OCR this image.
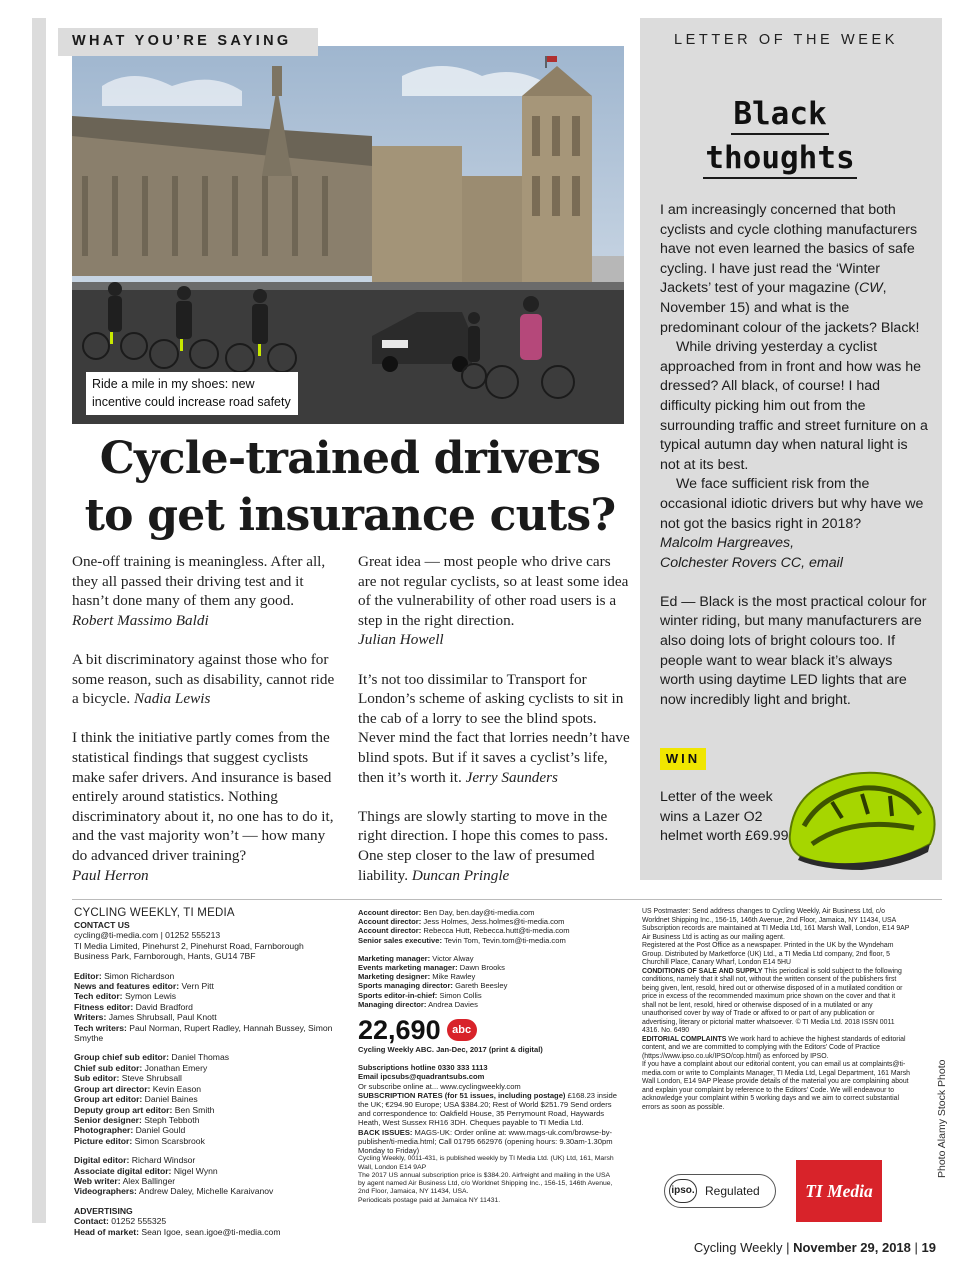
WHAT YOU’RE SAYING
Ride a mile in my shoes: new incentive could increase road safety
Cycle-trained drivers to get insurance cuts?

One-off training is meaningless. After all, they all passed their driving test and it hasn’t done many of them any good.
Robert Massimo Baldi

A bit discriminatory against those who for some reason, such as disability, cannot ride a bicycle. Nadia Lewis

I think the initiative partly comes from the statistical findings that suggest cyclists make safer drivers. And insurance is based entirely around statistics. Nothing discriminatory about it, no one has to do it, and the vast majority won’t — how many do advanced driver training?
Paul Herron

Great idea — most people who drive cars are not regular cyclists, so at least some idea of the vulnerability of other road users is a step in the right direction.
Julian Howell

It’s not too dissimilar to Transport for London’s scheme of asking cyclists to sit in the cab of a lorry to see the blind spots. Never mind the fact that lorries needn’t have blind spots. But if it saves a cyclist’s life, then it’s worth it. Jerry Saunders

Things are slowly starting to move in the right direction. I hope this comes to pass. One step closer to the law of presumed liability. Duncan Pringle

LETTER OF THE WEEK
Black
thoughts

I am increasingly concerned that both cyclists and cycle clothing manufacturers have not even learned the basics of safe cycling. I have just read the ‘Winter Jackets’ test of your magazine (CW, November 15) and what is the predominant colour of the jackets? Black!

While driving yesterday a cyclist approached from in front and how was he dressed? All black, of course! I had difficulty picking him out from the surrounding traffic and street furniture on a typical autumn day when natural light is not at its best.

We face sufficient risk from the occasional idiotic drivers but why have we not got the basics right in 2018?

Malcolm Hargreaves,

Colchester Rovers CC, email

Ed — Black is the most practical colour for winter riding, but many manufacturers are also doing lots of bright colours too. If people want to wear black it’s always worth using daytime LED lights that are now incredibly light and bright.

WIN
Letter of the week wins a Lazer O2 helmet worth £69.99
CYCLING WEEKLY, TI MEDIA
CONTACT US
cycling@ti-media.com | 01252 555213
TI Media Limited, Pinehurst 2, Pinehurst Road, Farnborough Business Park, Farnborough, Hants, GU14 7BF
Editor: Simon Richardson
News and features editor: Vern Pitt
Tech editor: Symon Lewis
Fitness editor: David Bradford
Writers: James Shrubsall, Paul Knott
Tech writers: Paul Norman, Rupert Radley, Hannah Bussey, Simon Smythe
Group chief sub editor: Daniel Thomas
Chief sub editor: Jonathan Emery
Sub editor: Steve Shrubsall
Group art director: Kevin Eason
Group art editor: Daniel Baines
Deputy group art editor: Ben Smith
Senior designer: Steph Tebboth
Photographer: Daniel Gould
Picture editor: Simon Scarsbrook
Digital editor: Richard Windsor
Associate digital editor: Nigel Wynn
Web writer: Alex Ballinger
Videographers: Andrew Daley, Michelle Karaivanov
ADVERTISING
Contact: 01252 555325
Head of market: Sean Igoe, sean.igoe@ti-media.com
Account director: Ben Day, ben.day@ti-media.com
Account director: Jess Holmes, Jess.holmes@ti-media.com
Account director: Rebecca Hutt, Rebecca.hutt@ti-media.com
Senior sales executive: Tevin Tom, Tevin.tom@ti-media.com
Marketing manager: Victor Alway
Events marketing manager: Dawn Brooks
Marketing designer: Mike Rawley
Sports managing director: Gareth Beesley
Sports editor-in-chief: Simon Collis
Managing director: Andrea Davies
22,690	abc
Cycling Weekly ABC. Jan-Dec, 2017 (print & digital)
Subscriptions hotline 0330 333 1113
Email ipcsubs@quadrantsubs.com
Or subscribe online at... www.cyclingweekly.com
SUBSCRIPTION RATES (for 51 issues, including postage) £168.23 inside the UK; €294.90 Europe; USA $384.20; Rest of World $251.79 Send orders and correspondence to: Oakfield House, 35 Perrymount Road, Haywards Heath, West Sussex RH16 3DH. Cheques payable to TI Media Ltd.
BACK ISSUES: MAGS-UK: Order online at: www.mags-uk.com/browse-by-publisher/ti-media.html; Call 01795 662976 (opening hours: 9.30am-1.30pm Monday to Friday)
Cycling Weekly, 0011-431, is published weekly by TI Media Ltd. (UK) Ltd, 161, Marsh Wall, London E14 9AP
The 2017 US annual subscription price is $384.20. Airfreight and mailing in the USA by agent named Air Business Ltd, c/o Worldnet Shipping Inc., 156-15, 146th Avenue, 2nd Floor, Jamaica, NY 11434, USA.
Periodicals postage paid at Jamaica NY 11431.
US Postmaster: Send address changes to Cycling Weekly, Air Business Ltd, c/o Worldnet Shipping Inc., 156-15, 146th Avenue, 2nd Floor, Jamaica, NY 11434, USA
Subscription records are maintained at TI Media Ltd, 161 Marsh Wall, London, E14 9AP Air Business Ltd is acting as our mailing agent.
Registered at the Post Office as a newspaper. Printed in the UK by the Wyndeham Group. Distributed by Marketforce (UK) Ltd., a TI Media Ltd company, 2nd floor, 5 Churchill Place, Canary Wharf, London E14 5HU
CONDITIONS OF SALE AND SUPPLY This periodical is sold subject to the following conditions, namely that it shall not, without the written consent of the publishers first being given, lent, resold, hired out or otherwise disposed of in a mutilated condition or price in excess of the recommended maximum price shown on the cover and that it shall not be lent, resold, hired or otherwise disposed of in a mutilated or any unauthorised cover by way of Trade or affixed to or part of any publication or advertising, literary or pictorial matter whatsoever. © TI Media Ltd. 2018 ISSN 0011 4316. No. 6490
EDITORIAL COMPLAINTS We work hard to achieve the highest standards of editorial content, and we are committed to complying with the Editors’ Code of Practice (https://www.ipso.co.uk/IPSO/cop.html) as enforced by IPSO.
If you have a complaint about our editorial content, you can email us at complaints@ti-media.com or write to Complaints Manager, TI Media Ltd, Legal Department, 161 Marsh Wall London, E14 9AP Please provide details of the material you are complaining about and explain your complaint by reference to the Editors’ Code. We will endeavour to acknowledge your complaint within 5 working days and we aim to correct substantial errors as soon as possible.
ipso. Regulated	TI Media
Photo Alamy Stock Photo
Cycling Weekly | November 29, 2018 | 19
